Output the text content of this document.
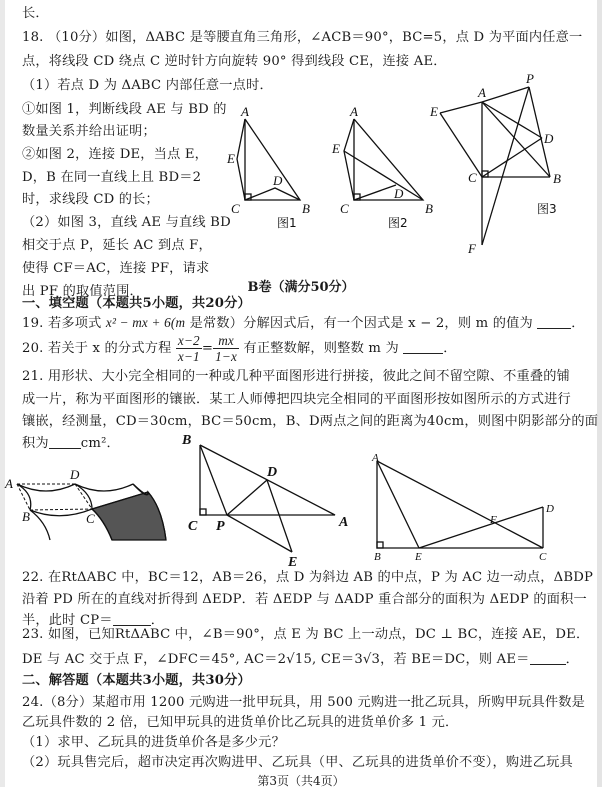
长．
18. （10分）如图，ΔABC 是等腰直角三角形，∠ACB＝90°，BC=5，点 D 为平面内任意一
点，将线段 CD 绕点 C 逆时针方向旋转 90° 得到线段 CE，连接 AE．
（1）若点 D 为 ΔABC 内部任意一点时．
①如图 1，判断线段 AE 与 BD 的
数量关系并给出证明；
②如图 2，连接 DE，当点 E，
D，B 在同一直线上且 BD＝2
时，求线段 CD 的长；
（2）如图 3，直线 AE 与直线 BD
相交于点 P，延长 AC 到点 F，
使得 CF＝AC，连接 PF，请求
出 PF 的取值范围．
A
E
C
D
B
图1
A
E
C
D
B
图2
A
P
E
D
C	B
F
图3
B卷（满分50分）
一、填空题（本题共5小题，共20分）
19. 若多项式 x² − mx + 6(m 是常数）分解因式后，有一个因式是 x − 2，则 m 的值为	．
20. 若关于 x 的分式方程 $\frac{x-2}{x-1} = \frac{mx}{1-x}$ 有正整数解，则整数 m 为	．
21. 用形状、大小完全相同的一种或几种平面图形进行拼接，彼此之间不留空隙、不重叠的铺
成一片，称为平面图形的镶嵌．某工人师傅把四块完全相同的平面图形按如图所示的方式进行
镶嵌，经测量，CD＝30cm，BC＝50cm，B、D两点之间的距离为40cm，则图中阴影部分的面
积为 cm²．
A
D
B	C
B
D
C P	A
E
A
B	E	C
D
F
22. 在RtΔABC 中，BC＝12，AB＝26，点 D 为斜边 AB 的中点，P 为 AC 边一动点，ΔBDP
沿着 PD 所在的直线对折得到 ΔEDP．若 ΔEDP 与 ΔADP 重合部分的面积为 ΔEDP 的面积一
半，此时 CP＝	．
23. 如图，已知RtΔABC 中，∠B＝90°，点 E 为 BC 上一动点，DC ⊥ BC，连接 AE，DE．
DE 与 AC 交于点 F，∠DFC＝45°, AC＝2√15, CE＝3√3，若 BE＝DC，则 AE＝	．
二、解答题（本题共3小题，共30分）
24.（8分）某超市用 1200 元购进一批甲玩具，用 500 元购进一批乙玩具，所购甲玩具件数是
乙玩具件数的 2 倍，已知甲玩具的进货单价比乙玩具的进货单价多 1 元．
（1）求甲、乙玩具的进货单价各是多少元？
（2）玩具售完后，超市决定再次购进甲、乙玩具（甲、乙玩具的进货单价不变），购进乙玩具
第3页（共4页）
